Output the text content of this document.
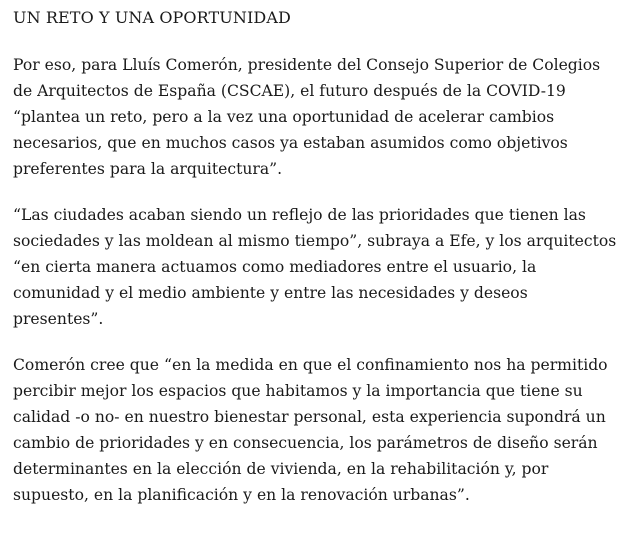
UN RETO Y UNA OPORTUNIDAD

Por eso, para Lluís Comerón, presidente del Consejo Superior de Colegios de Arquitectos de España (CSCAE), el futuro después de la COVID-19 “plantea un reto, pero a la vez una oportunidad de acelerar cambios necesarios, que en muchos casos ya estaban asumidos como objetivos preferentes para la arquitectura”.

“Las ciudades acaban siendo un reflejo de las prioridades que tienen las sociedades y las moldean al mismo tiempo”, subraya a Efe, y los arquitectos “en cierta manera actuamos como mediadores entre el usuario, la comunidad y el medio ambiente y entre las necesidades y deseos presentes”.

Comerón cree que “en la medida en que el confinamiento nos ha permitido percibir mejor los espacios que habitamos y la importancia que tiene su calidad -o no- en nuestro bienestar personal, esta experiencia supondrá un cambio de prioridades y en consecuencia, los parámetros de diseño serán determinantes en la elección de vivienda, en la rehabilitación y, por supuesto, en la planificación y en la renovación urbanas”.
